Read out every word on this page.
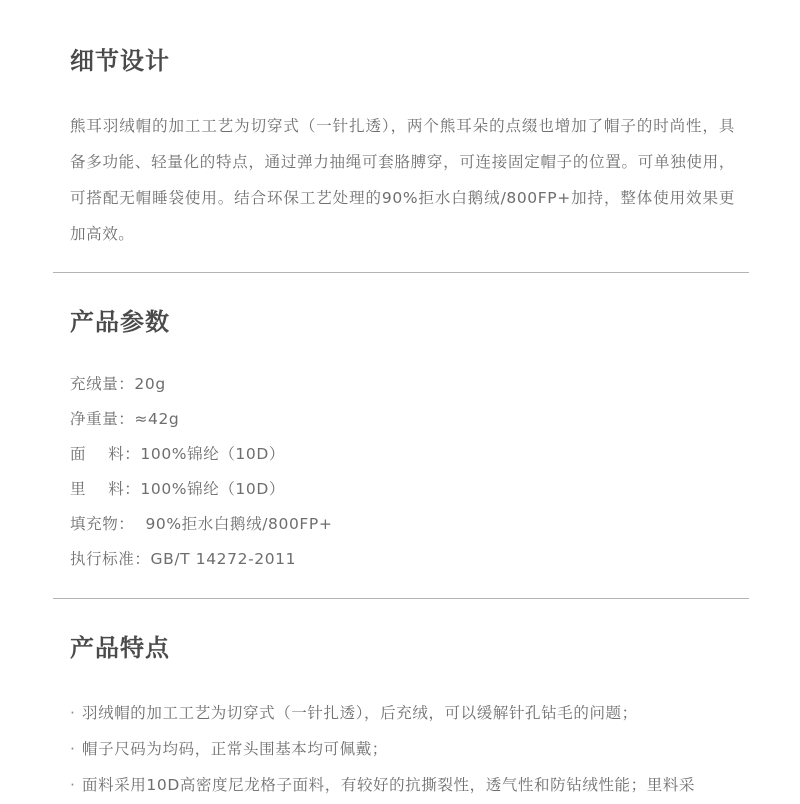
细节设计

熊耳羽绒帽的加工工艺为切穿式（一针扎透），两个熊耳朵的点缀也增加了帽子的时尚性，具备多功能、轻量化的特点，通过弹力抽绳可套胳膊穿，可连接固定帽子的位置。可单独使用，可搭配无帽睡袋使用。结合环保工艺处理的90%拒水白鹅绒/800FP+加持，整体使用效果更加高效。

产品参数
充绒量：20g
净重量：≈42g
面    料：100%锦纶（10D）
里    料：100%锦纶（10D）
填充物：  90%拒水白鹅绒/800FP+
执行标准：GB/T 14272-2011
产品特点
· 羽绒帽的加工工艺为切穿式（一针扎透），后充绒，可以缓解针孔钻毛的问题；
· 帽子尺码为均码，正常头围基本均可佩戴；
· 面料采用10D高密度尼龙格子面料，有较好的抗撕裂性，透气性和防钻绒性能；里料采
